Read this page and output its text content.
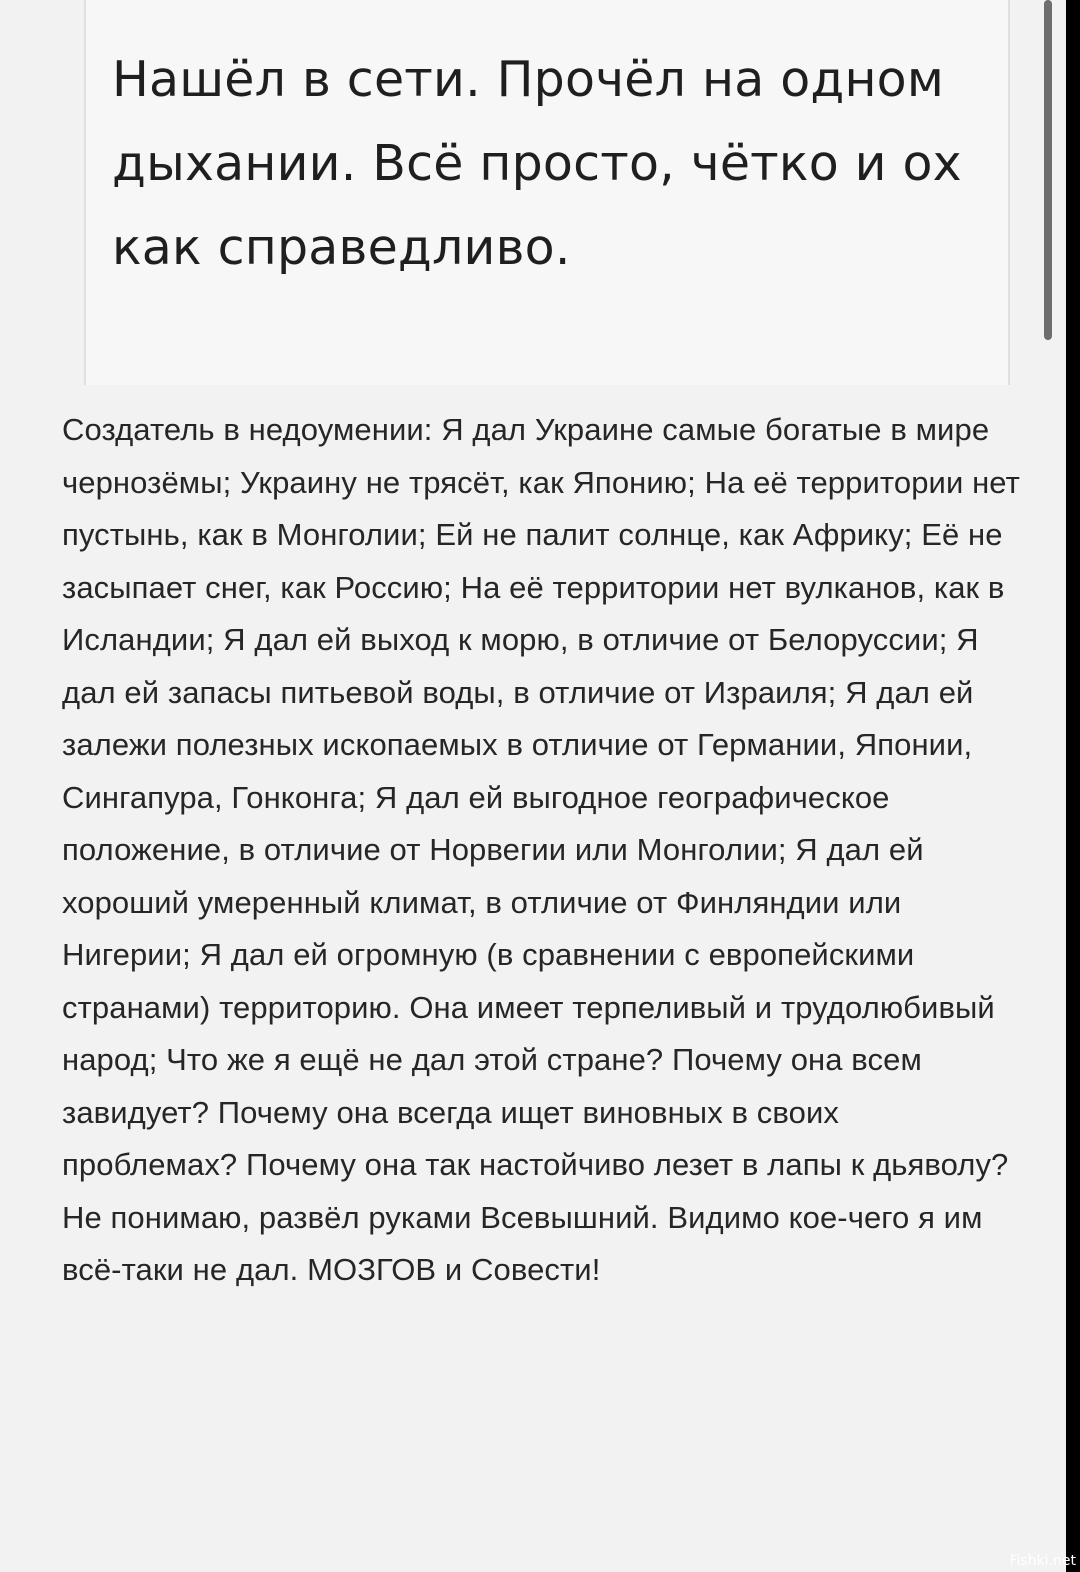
Нашёл в сети. Прочёл на одном дыхании. Всё просто, чётко и ох как справедливо.

Создатель в недоумении: Я дал Украине самые богатые в мире чернозёмы; Украину не трясёт, как Японию; На её территории нет пустынь, как в Монголии; Ей не палит солнце, как Африку; Её не засыпает снег, как Россию; На её территории нет вулканов, как в Исландии; Я дал ей выход к морю, в отличие от Белоруссии; Я дал ей запасы питьевой воды, в отличие от Израиля; Я дал ей залежи полезных ископаемых в отличие от Германии, Японии, Сингапура, Гонконга; Я дал ей выгодное географическое положение, в отличие от Норвегии или Монголии; Я дал ей хороший умеренный климат, в отличие от Финляндии или Нигерии; Я дал ей огромную (в сравнении с европейскими странами) территорию. Она имеет терпеливый и трудолюбивый народ; Что же я ещё не дал этой стране? Почему она всем завидует? Почему она всегда ищет виновных в своих проблемах? Почему она так настойчиво лезет в лапы к дьяволу? Не понимаю, развёл руками Всевышний. Видимо кое-чего я им всё-таки не дал. МОЗГОВ и Совести!

Fishki.net
